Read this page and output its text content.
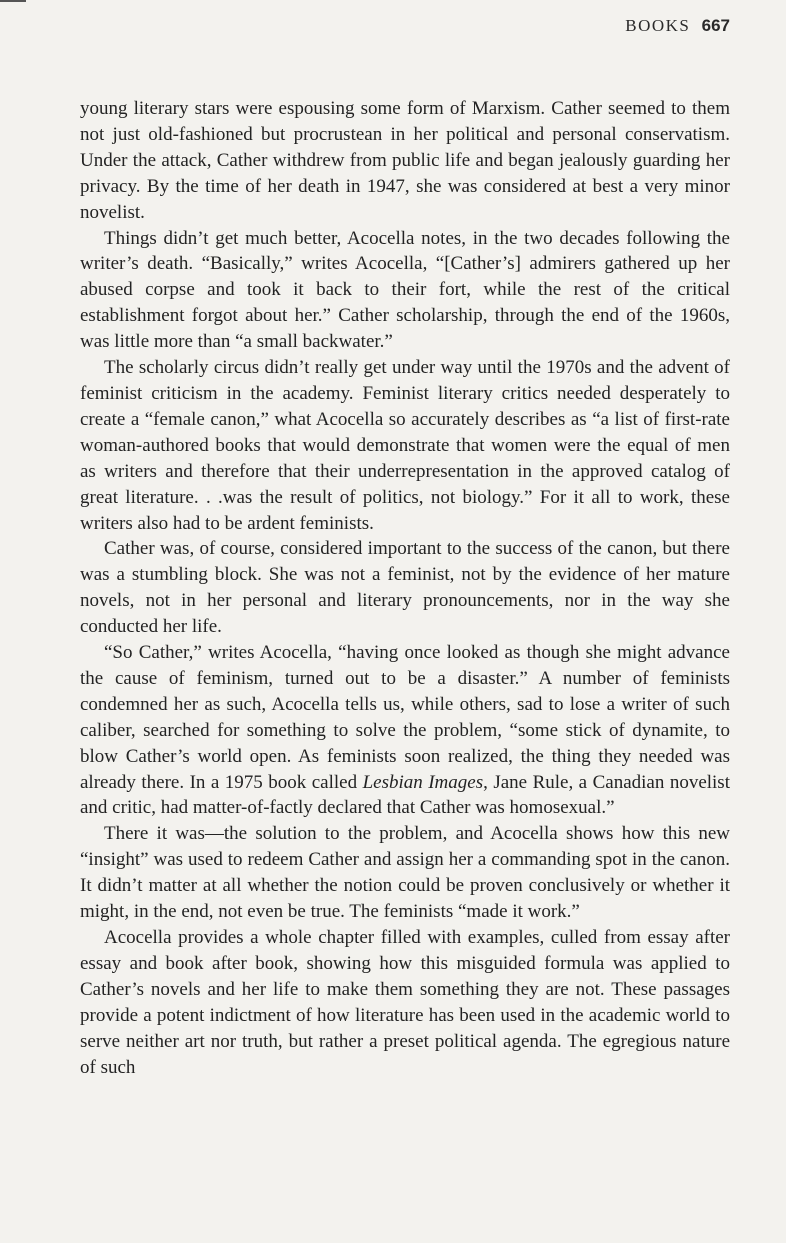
BOOKS 667

young literary stars were espousing some form of Marxism. Cather seemed to them not just old-fashioned but procrustean in her political and personal conservatism. Under the attack, Cather withdrew from public life and began jealously guarding her privacy. By the time of her death in 1947, she was considered at best a very minor novelist.

Things didn’t get much better, Acocella notes, in the two decades following the writer’s death. “Basically,” writes Acocella, “[Cather’s] admirers gathered up her abused corpse and took it back to their fort, while the rest of the critical establishment forgot about her.” Cather scholarship, through the end of the 1960s, was little more than “a small backwater.”

The scholarly circus didn’t really get under way until the 1970s and the advent of feminist criticism in the academy. Feminist literary critics needed desperately to create a “female canon,” what Acocella so accurately describes as “a list of first-rate woman-authored books that would demonstrate that women were the equal of men as writers and therefore that their underrepresentation in the approved catalog of great literature. . .was the result of politics, not biology.” For it all to work, these writers also had to be ardent feminists.

Cather was, of course, considered important to the success of the canon, but there was a stumbling block. She was not a feminist, not by the evidence of her mature novels, not in her personal and literary pronouncements, nor in the way she conducted her life.

“So Cather,” writes Acocella, “having once looked as though she might advance the cause of feminism, turned out to be a disaster.” A number of feminists condemned her as such, Acocella tells us, while others, sad to lose a writer of such caliber, searched for something to solve the problem, “some stick of dynamite, to blow Cather’s world open. As feminists soon realized, the thing they needed was already there. In a 1975 book called Lesbian Images, Jane Rule, a Canadian novelist and critic, had matter-of-factly declared that Cather was homosexual.”

There it was—the solution to the problem, and Acocella shows how this new “insight” was used to redeem Cather and assign her a commanding spot in the canon. It didn’t matter at all whether the notion could be proven conclusively or whether it might, in the end, not even be true. The feminists “made it work.”

Acocella provides a whole chapter filled with examples, culled from essay after essay and book after book, showing how this misguided formula was applied to Cather’s novels and her life to make them something they are not. These passages provide a potent indictment of how literature has been used in the academic world to serve neither art nor truth, but rather a preset political agenda. The egregious nature of such
